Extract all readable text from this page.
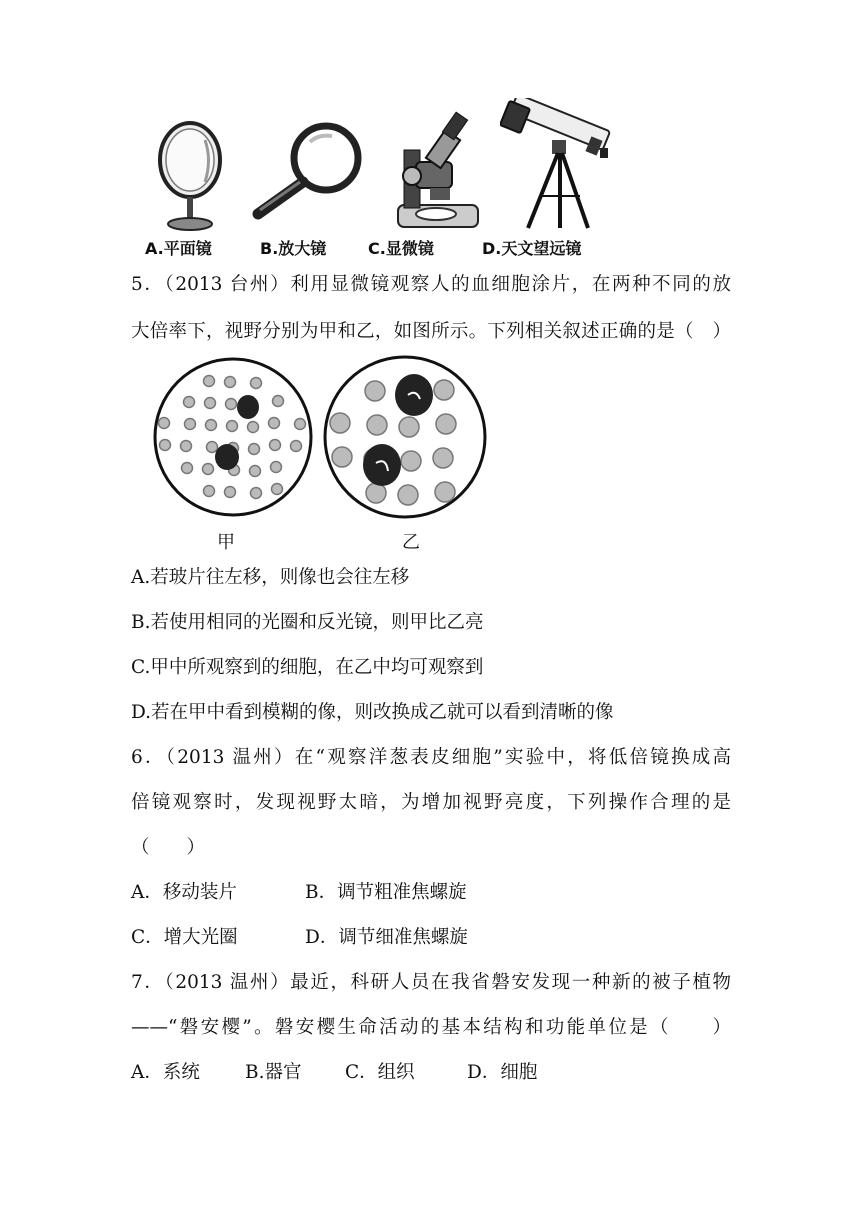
A.平面镜	B.放大镜	C.显微镜	D.天文望远镜
5．（2013 台州）利用显微镜观察人的血细胞涂片，在两种不同的放
大倍率下，视野分别为甲和乙，如图所示。下列相关叙述正确的是（　）
甲	乙
A.若玻片往左移，则像也会往左移
B.若使用相同的光圈和反光镜，则甲比乙亮
C.甲中所观察到的细胞，在乙中均可观察到
D.若在甲中看到模糊的像，则改换成乙就可以看到清晰的像
6．（2013 温州）在“观察洋葱表皮细胞”实验中，将低倍镜换成高
倍镜观察时，发现视野太暗，为增加视野亮度，下列操作合理的是
（　　）
A．移动装片	B．调节粗准焦螺旋
C．增大光圈	D．调节细准焦螺旋
7．（2013 温州）最近，科研人员在我省磐安发现一种新的被子植物
——“磐安樱”。磐安樱生命活动的基本结构和功能单位是（　　）
A．系统 B.器官 C．组织	D．细胞
